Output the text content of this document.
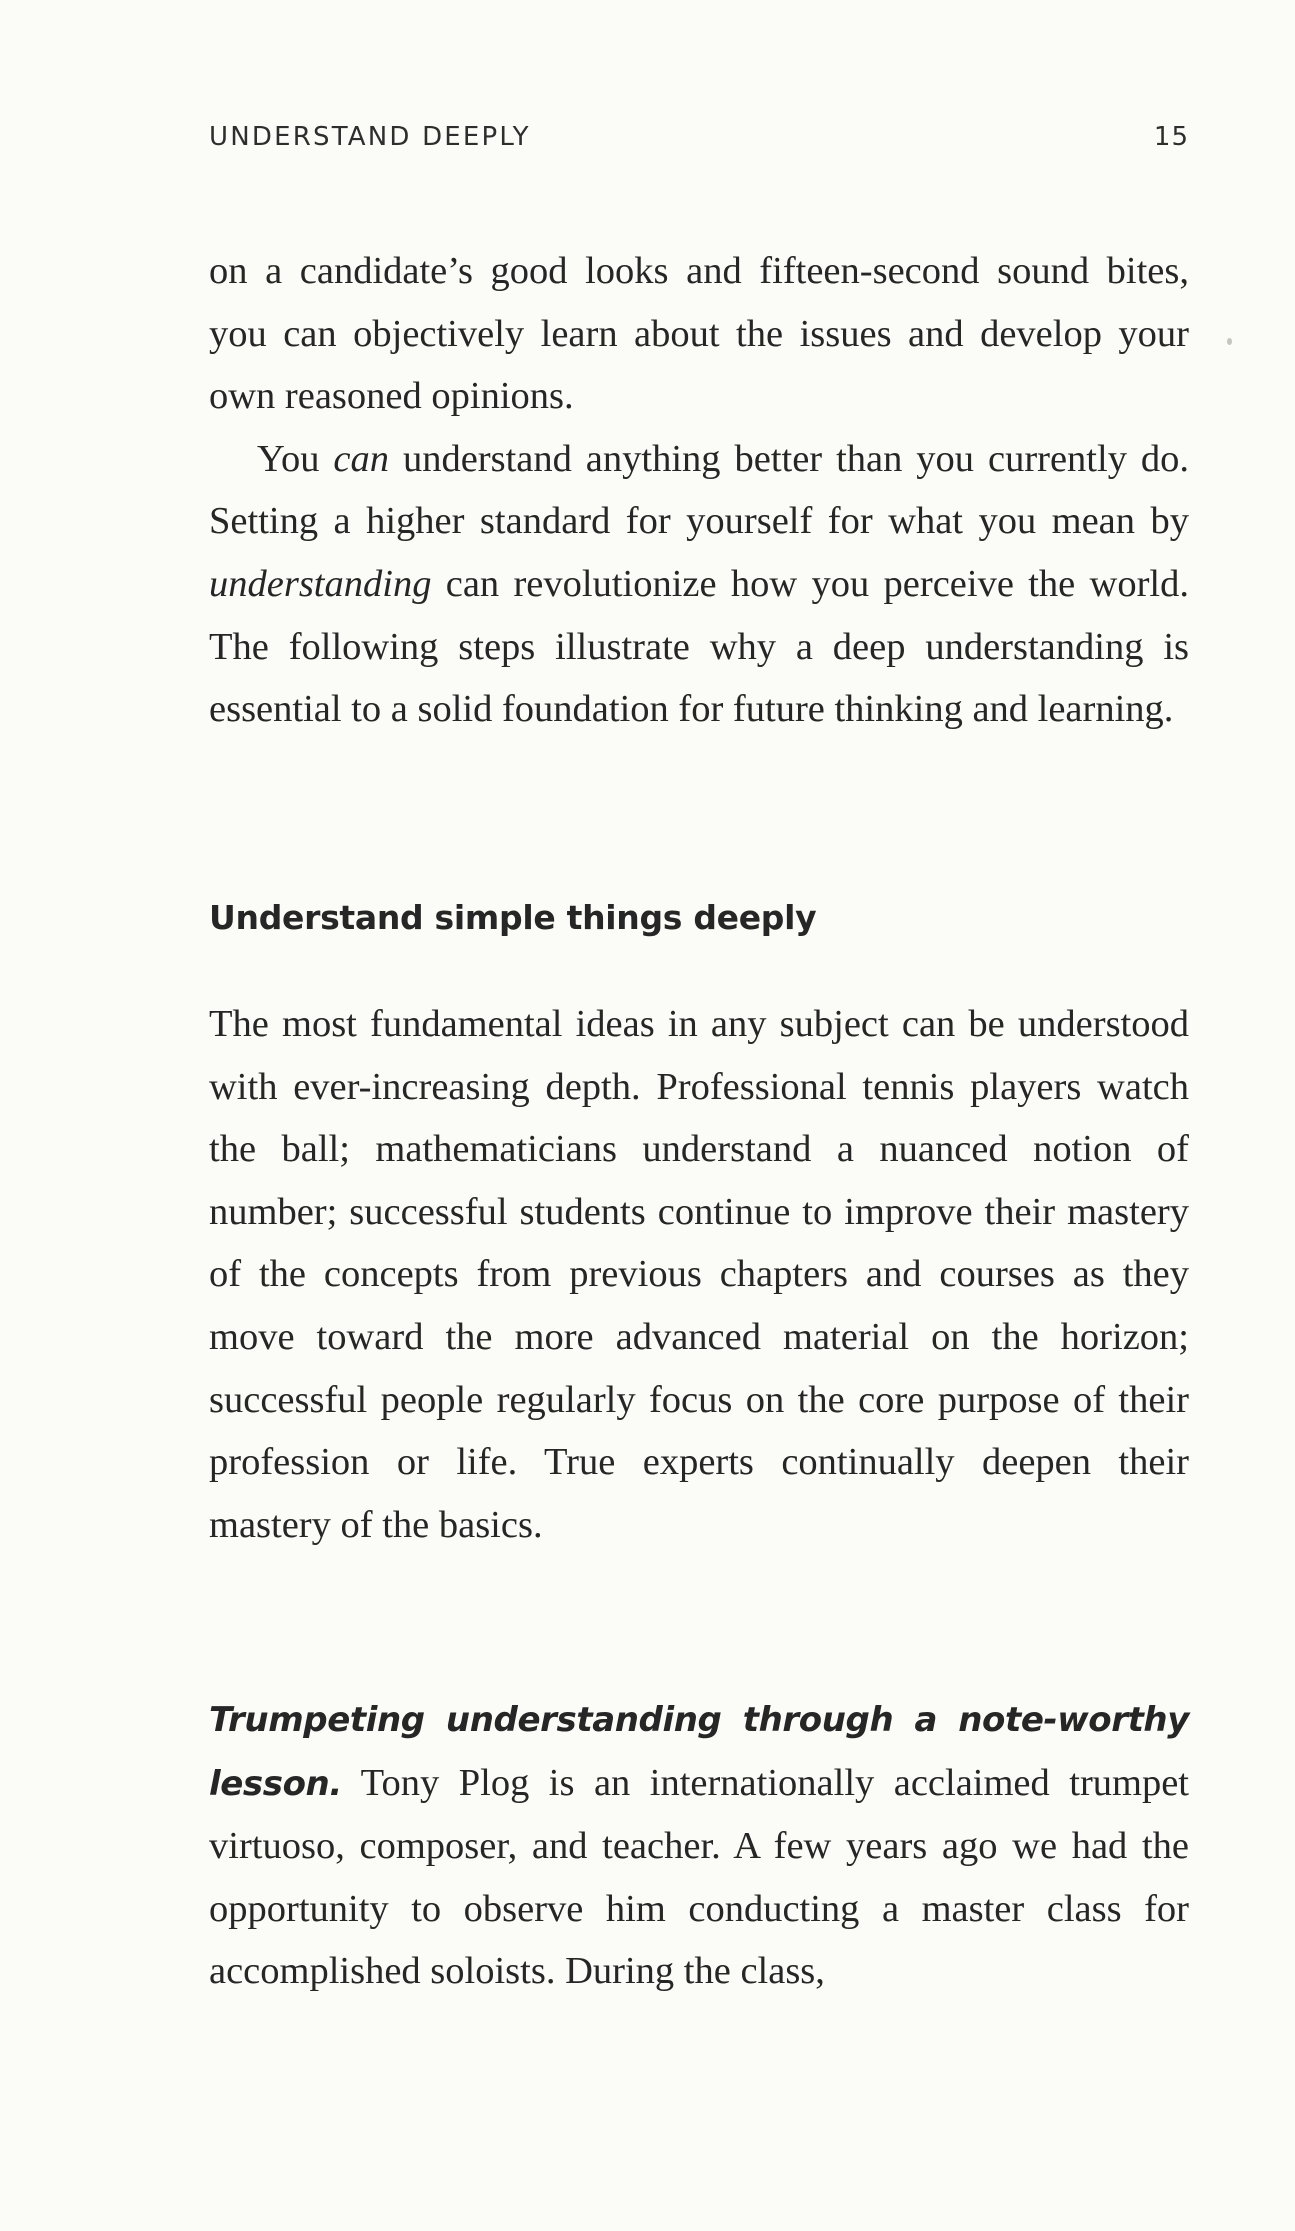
UNDERSTAND DEEPLY	15

on a candidate’s good looks and fifteen-second sound bites, you can objectively learn about the issues and develop your own reasoned opinions.

You can understand anything better than you currently do. Setting a higher standard for yourself for what you mean by understanding can revolutionize how you perceive the world. The following steps illustrate why a deep understanding is essential to a solid foundation for future thinking and learning.

Understand simple things deeply

The most fundamental ideas in any subject can be understood with ever-increasing depth. Professional tennis players watch the ball; mathematicians understand a nuanced notion of number; successful students continue to improve their mastery of the concepts from previous chapters and courses as they move toward the more advanced material on the horizon; successful people regularly focus on the core purpose of their profession or life. True experts continually deepen their mastery of the basics.

Trumpeting understanding through a note-worthy lesson. Tony Plog is an internationally acclaimed trumpet virtuoso, composer, and teacher. A few years ago we had the opportunity to observe him conducting a master class for accomplished soloists. During the class,
